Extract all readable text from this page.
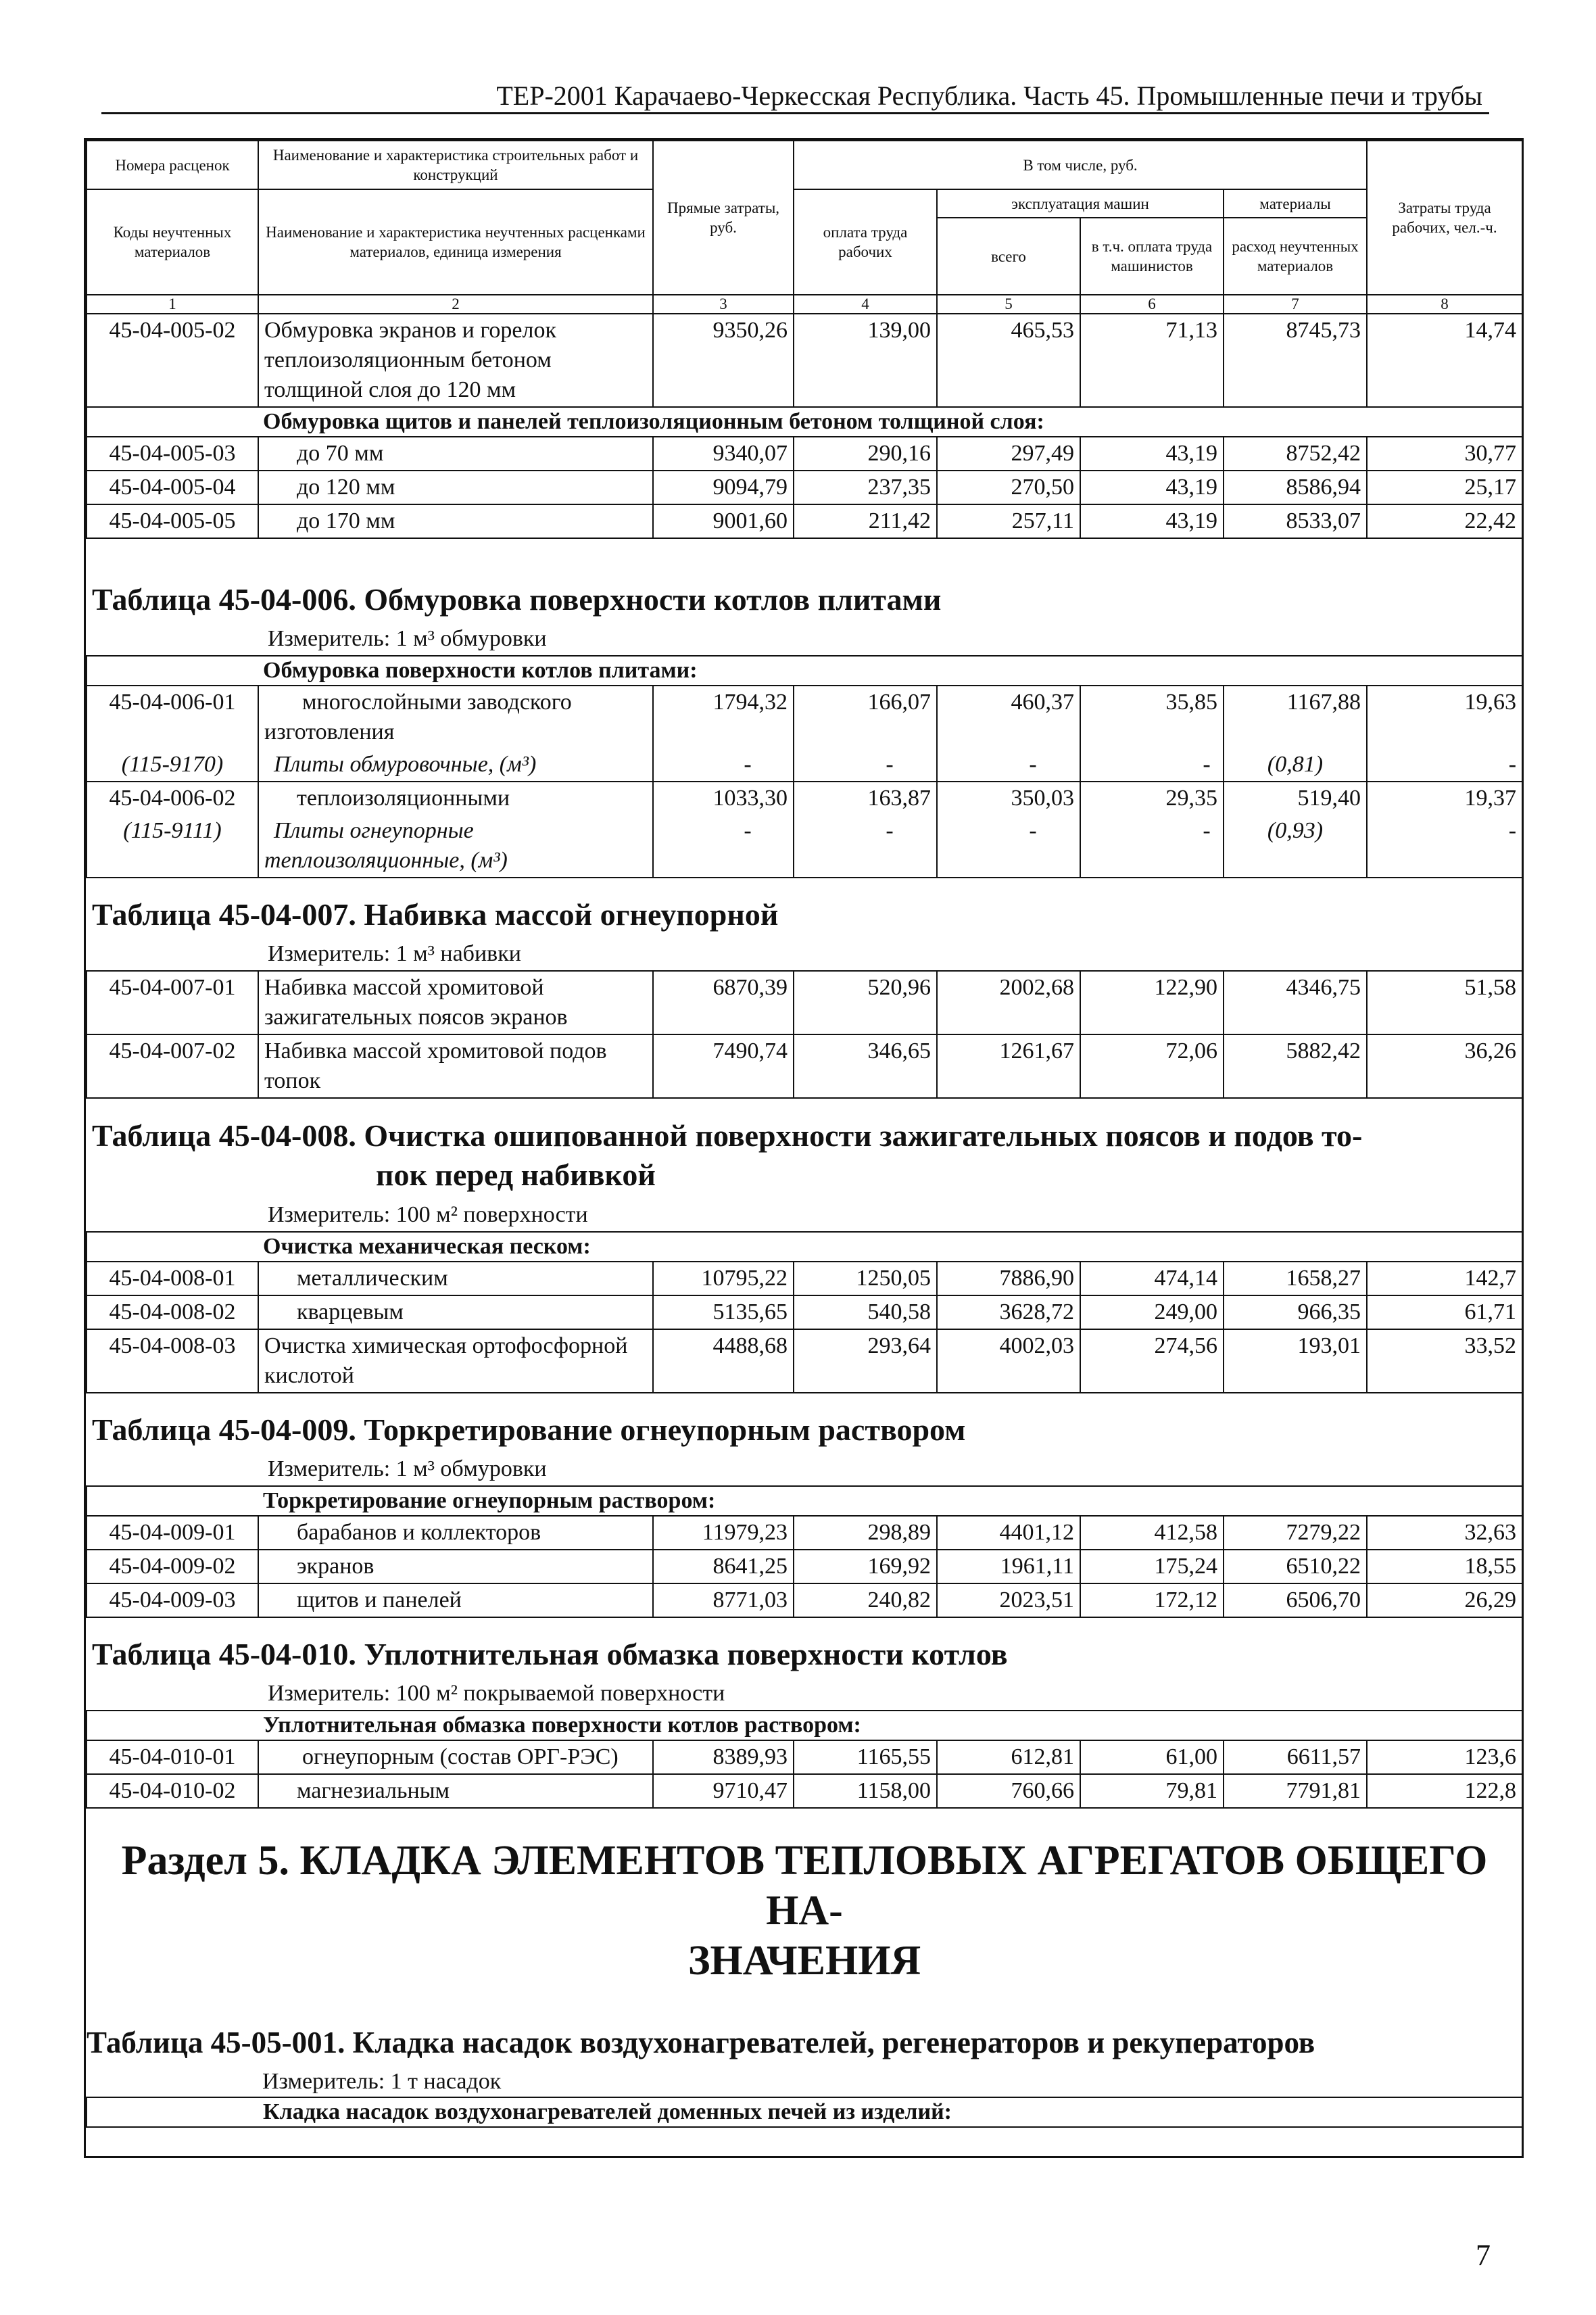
ТЕР-2001 Карачаево-Черкесская Республика. Часть 45. Промышленные печи и трубы
Номера расценок	Наименование и характеристика строительных работ и конструкций	Прямые затраты, руб.	В том числе, руб.				Затраты труда рабочих, чел.-ч.
Коды неучтенных материалов	Наименование и характеристика неучтенных расценками материалов, единица измерения		оплата труда рабочих	эксплуатация машин		материалы	
				всего	в т.ч. оплата труда машинистов	расход неучтенных материалов	
1	2	3	4	5	6	7	8
45-04-005-02	Обмуровка экранов и горелок теплоизоляционным бетоном толщиной слоя до 120 мм	9350,26	139,00	465,53	71,13	8745,73	14,74
Обмуровка щитов и панелей теплоизоляционным бетоном толщиной слоя:							
45-04-005-03	до 70 мм	9340,07	290,16	297,49	43,19	8752,42	30,77
45-04-005-04	до 120 мм	9094,79	237,35	270,50	43,19	8586,94	25,17
45-04-005-05	до 170 мм	9001,60	211,42	257,11	43,19	8533,07	22,42

Таблица 45-04-006. Обмуровка поверхности котлов плитами
Измеритель: 1 м³ обмуровки							

Обмуровка поверхности котлов плитами:							
45-04-006-01	многослойными заводского изготовления	1794,32	166,07	460,37	35,85	1167,88	19,63
(115-9170)	Плиты обмуровочные, (м³)	-	-	-	-	(0,81)	-
45-04-006-02	теплоизоляционными	1033,30	163,87	350,03	29,35	519,40	19,37
(115-9111)	Плиты огнеупорные теплоизоляционные, (м³)	-	-	-	-	(0,93)	-

Таблица 45-04-007. Набивка массой огнеупорной
Измеритель: 1 м³ набивки							

45-04-007-01	Набивка массой хромитовой зажигательных поясов экранов	6870,39	520,96	2002,68	122,90	4346,75	51,58
45-04-007-02	Набивка массой хромитовой подов топок	7490,74	346,65	1261,67	72,06	5882,42	36,26

Таблица 45-04-008. Очистка ошипованной поверхности зажигательных поясов и подов то-
пок перед набивкой
Измеритель: 100 м² поверхности							

Очистка механическая песком:							
45-04-008-01	металлическим	10795,22	1250,05	7886,90	474,14	1658,27	142,7
45-04-008-02	кварцевым	5135,65	540,58	3628,72	249,00	966,35	61,71
45-04-008-03	Очистка химическая ортофосфорной кислотой	4488,68	293,64	4002,03	274,56	193,01	33,52

Таблица 45-04-009. Торкретирование огнеупорным раствором
Измеритель: 1 м³ обмуровки							

Торкретирование огнеупорным раствором:							
45-04-009-01	барабанов и коллекторов	11979,23	298,89	4401,12	412,58	7279,22	32,63
45-04-009-02	экранов	8641,25	169,92	1961,11	175,24	6510,22	18,55
45-04-009-03	щитов и панелей	8771,03	240,82	2023,51	172,12	6506,70	26,29

Таблица 45-04-010. Уплотнительная обмазка поверхности котлов
Измеритель: 100 м² покрываемой поверхности							

Уплотнительная обмазка поверхности котлов раствором:							
45-04-010-01	огнеупорным (состав ОРГ-РЭС)	8389,93	1165,55	612,81	61,00	6611,57	123,6
45-04-010-02	магнезиальным	9710,47	1158,00	760,66	79,81	7791,81	122,8

Раздел 5. КЛАДКА ЭЛЕМЕНТОВ ТЕПЛОВЫХ АГРЕГАТОВ ОБЩЕГО НА-
ЗНАЧЕНИЯ
Таблица 45-05-001. Кладка насадок воздухонагревателей, регенераторов и рекуператоров
Измеритель: 1 т насадок							

Кладка насадок воздухонагревателей доменных печей из изделий:							
7
